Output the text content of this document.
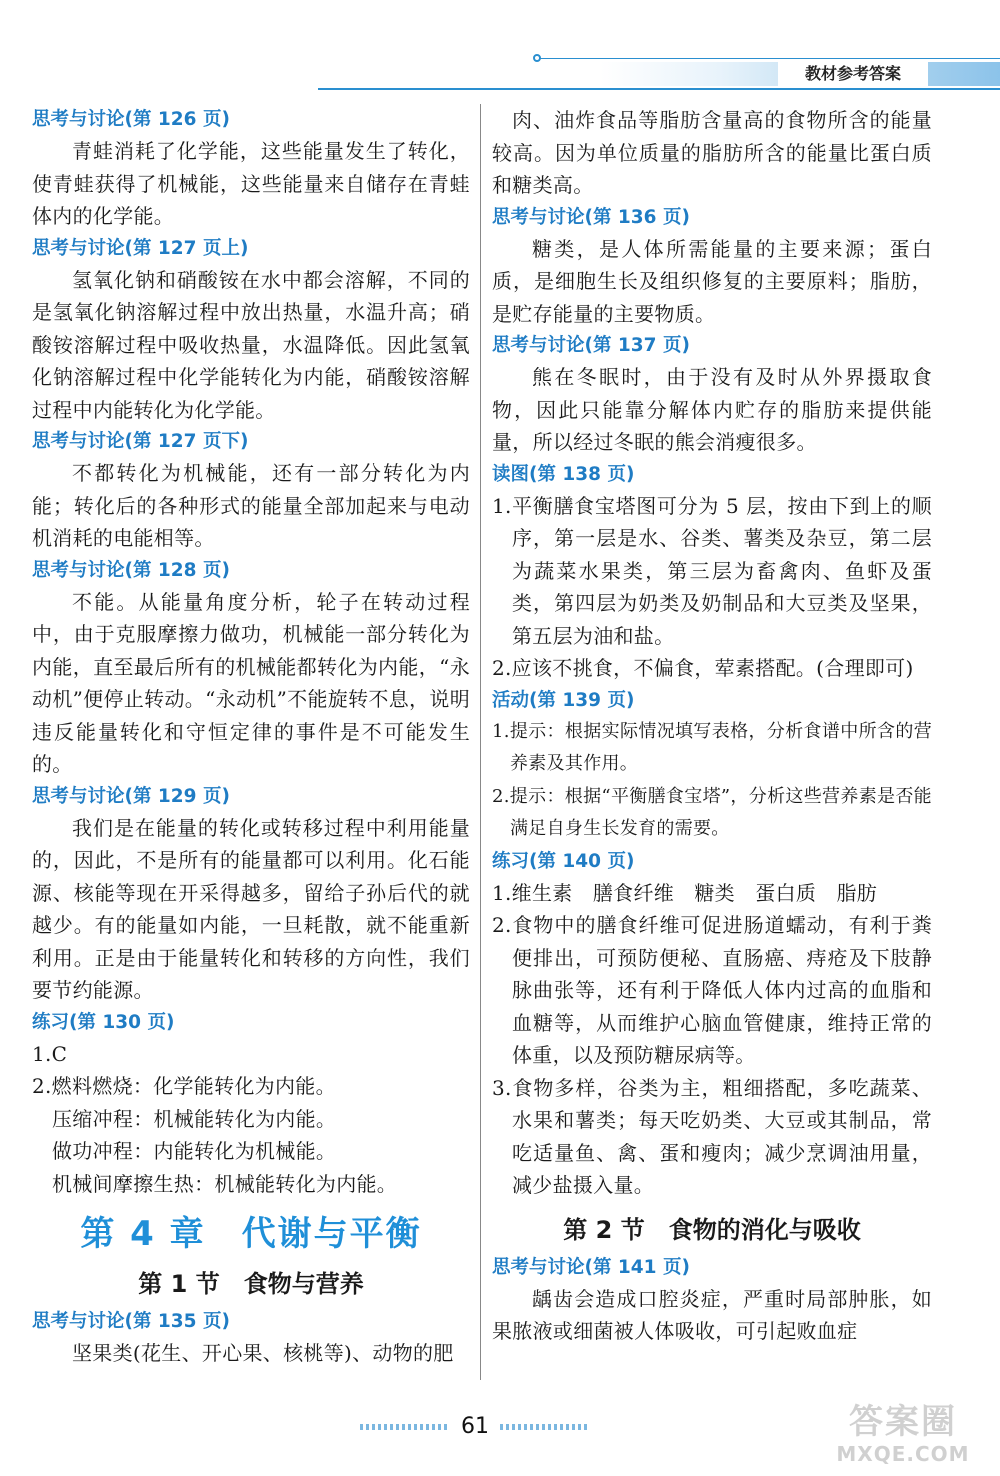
教材参考答案

思考与讨论(第 126 页)

青蛙消耗了化学能，这些能量发生了转化，使青蛙获得了机械能，这些能量来自储存在青蛙体内的化学能。

思考与讨论(第 127 页上)

氢氧化钠和硝酸铵在水中都会溶解，不同的是氢氧化钠溶解过程中放出热量，水温升高；硝酸铵溶解过程中吸收热量，水温降低。因此氢氧化钠溶解过程中化学能转化为内能，硝酸铵溶解过程中内能转化为化学能。

思考与讨论(第 127 页下)

不都转化为机械能，还有一部分转化为内能；转化后的各种形式的能量全部加起来与电动机消耗的电能相等。

思考与讨论(第 128 页)

不能。从能量角度分析，轮子在转动过程中，由于克服摩擦力做功，机械能一部分转化为内能，直至最后所有的机械能都转化为内能，“永动机”便停止转动。“永动机”不能旋转不息，说明违反能量转化和守恒定律的事件是不可能发生的。

思考与讨论(第 129 页)

我们是在能量的转化或转移过程中利用能量的，因此，不是所有的能量都可以利用。化石能源、核能等现在开采得越多，留给子孙后代的就越少。有的能量如内能，一旦耗散，就不能重新利用。正是由于能量转化和转移的方向性，我们要节约能源。

练习(第 130 页)

1.C

2.燃料燃烧：化学能转化为内能。

压缩冲程：机械能转化为内能。

做功冲程：内能转化为机械能。

机械间摩擦生热：机械能转化为内能。

第 4 章　代谢与平衡

第 1 节　食物与营养

思考与讨论(第 135 页)

坚果类(花生、开心果、核桃等)、动物的肥

肉、油炸食品等脂肪含量高的食物所含的能量较高。因为单位质量的脂肪所含的能量比蛋白质和糖类高。

思考与讨论(第 136 页)

糖类，是人体所需能量的主要来源；蛋白质，是细胞生长及组织修复的主要原料；脂肪，是贮存能量的主要物质。

思考与讨论(第 137 页)

熊在冬眠时，由于没有及时从外界摄取食物，因此只能靠分解体内贮存的脂肪来提供能量，所以经过冬眠的熊会消瘦很多。

读图(第 138 页)

1.平衡膳食宝塔图可分为 5 层，按由下到上的顺序，第一层是水、谷类、薯类及杂豆，第二层为蔬菜水果类，第三层为畜禽肉、鱼虾及蛋类，第四层为奶类及奶制品和大豆类及坚果，第五层为油和盐。

2.应该不挑食，不偏食，荤素搭配。(合理即可)

活动(第 139 页)

1.提示：根据实际情况填写表格，分析食谱中所含的营养素及其作用。

2.提示：根据“平衡膳食宝塔”，分析这些营养素是否能满足自身生长发育的需要。

练习(第 140 页)

1.维生素　膳食纤维　糖类　蛋白质　脂肪

2.食物中的膳食纤维可促进肠道蠕动，有利于粪便排出，可预防便秘、直肠癌、痔疮及下肢静脉曲张等，还有利于降低人体内过高的血脂和血糖等，从而维护心脑血管健康，维持正常的体重，以及预防糖尿病等。

3.食物多样，谷类为主，粗细搭配，多吃蔬菜、水果和薯类；每天吃奶类、大豆或其制品，常吃适量鱼、禽、蛋和瘦肉；减少烹调油用量，减少盐摄入量。

第 2 节　食物的消化与吸收

思考与讨论(第 141 页)

龋齿会造成口腔炎症，严重时局部肿胀，如果脓液或细菌被人体吸收，可引起败血症

61	答案圈
MXQE.COM
